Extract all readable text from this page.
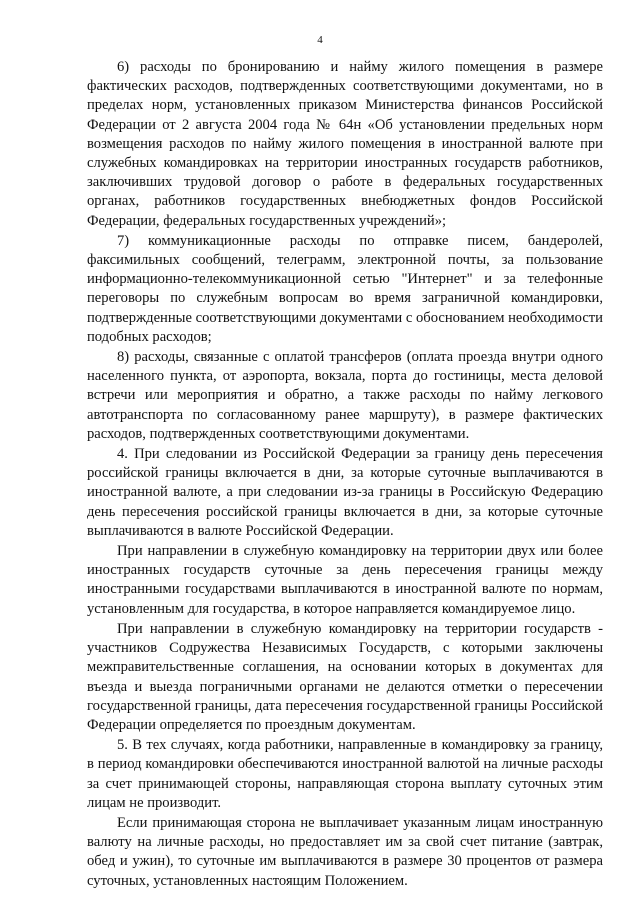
4

6) расходы по бронированию и найму жилого помещения в размере фактических расходов, подтвержденных соответствующими документами, но в пределах норм, установленных приказом Министерства финансов Российской Федерации от 2 августа 2004 года № 64н «Об установлении предельных норм возмещения расходов по найму жилого помещения в иностранной валюте при служебных командировках на территории иностранных государств работников, заключивших трудовой договор о работе в федеральных государственных органах, работников государственных внебюджетных фондов Российской Федерации, федеральных государственных учреждений»;

7) коммуникационные расходы по отправке писем, бандеролей, факсимильных сообщений, телеграмм, электронной почты, за пользование информационно-телекоммуникационной сетью "Интернет" и за телефонные переговоры по служебным вопросам во время заграничной командировки, подтвержденные соответствующими документами с обоснованием необходимости подобных расходов;

8) расходы, связанные с оплатой трансферов (оплата проезда внутри одного населенного пункта, от аэропорта, вокзала, порта до гостиницы, места деловой встречи или мероприятия и обратно, а также расходы по найму легкового автотранспорта по согласованному ранее маршруту), в размере фактических расходов, подтвержденных соответствующими документами.

4. При следовании из Российской Федерации за границу день пересечения российской границы включается в дни, за которые суточные выплачиваются в иностранной валюте, а при следовании из-за границы в Российскую Федерацию день пересечения российской границы включается в дни, за которые суточные выплачиваются в валюте Российской Федерации.

При направлении в служебную командировку на территории двух или более иностранных государств суточные за день пересечения границы между иностранными государствами выплачиваются в иностранной валюте по нормам, установленным для государства, в которое направляется командируемое лицо.

При направлении в служебную командировку на территории государств - участников Содружества Независимых Государств, с которыми заключены межправительственные соглашения, на основании которых в документах для въезда и выезда пограничными органами не делаются отметки о пересечении государственной границы, дата пересечения государственной границы Российской Федерации определяется по проездным документам.

5. В тех случаях, когда работники, направленные в командировку за границу, в период командировки обеспечиваются иностранной валютой на личные расходы за счет принимающей стороны, направляющая сторона выплату суточных этим лицам не производит.

Если принимающая сторона не выплачивает указанным лицам иностранную валюту на личные расходы, но предоставляет им за свой счет питание (завтрак, обед и ужин), то суточные им выплачиваются в размере 30 процентов от размера суточных, установленных настоящим Положением.
